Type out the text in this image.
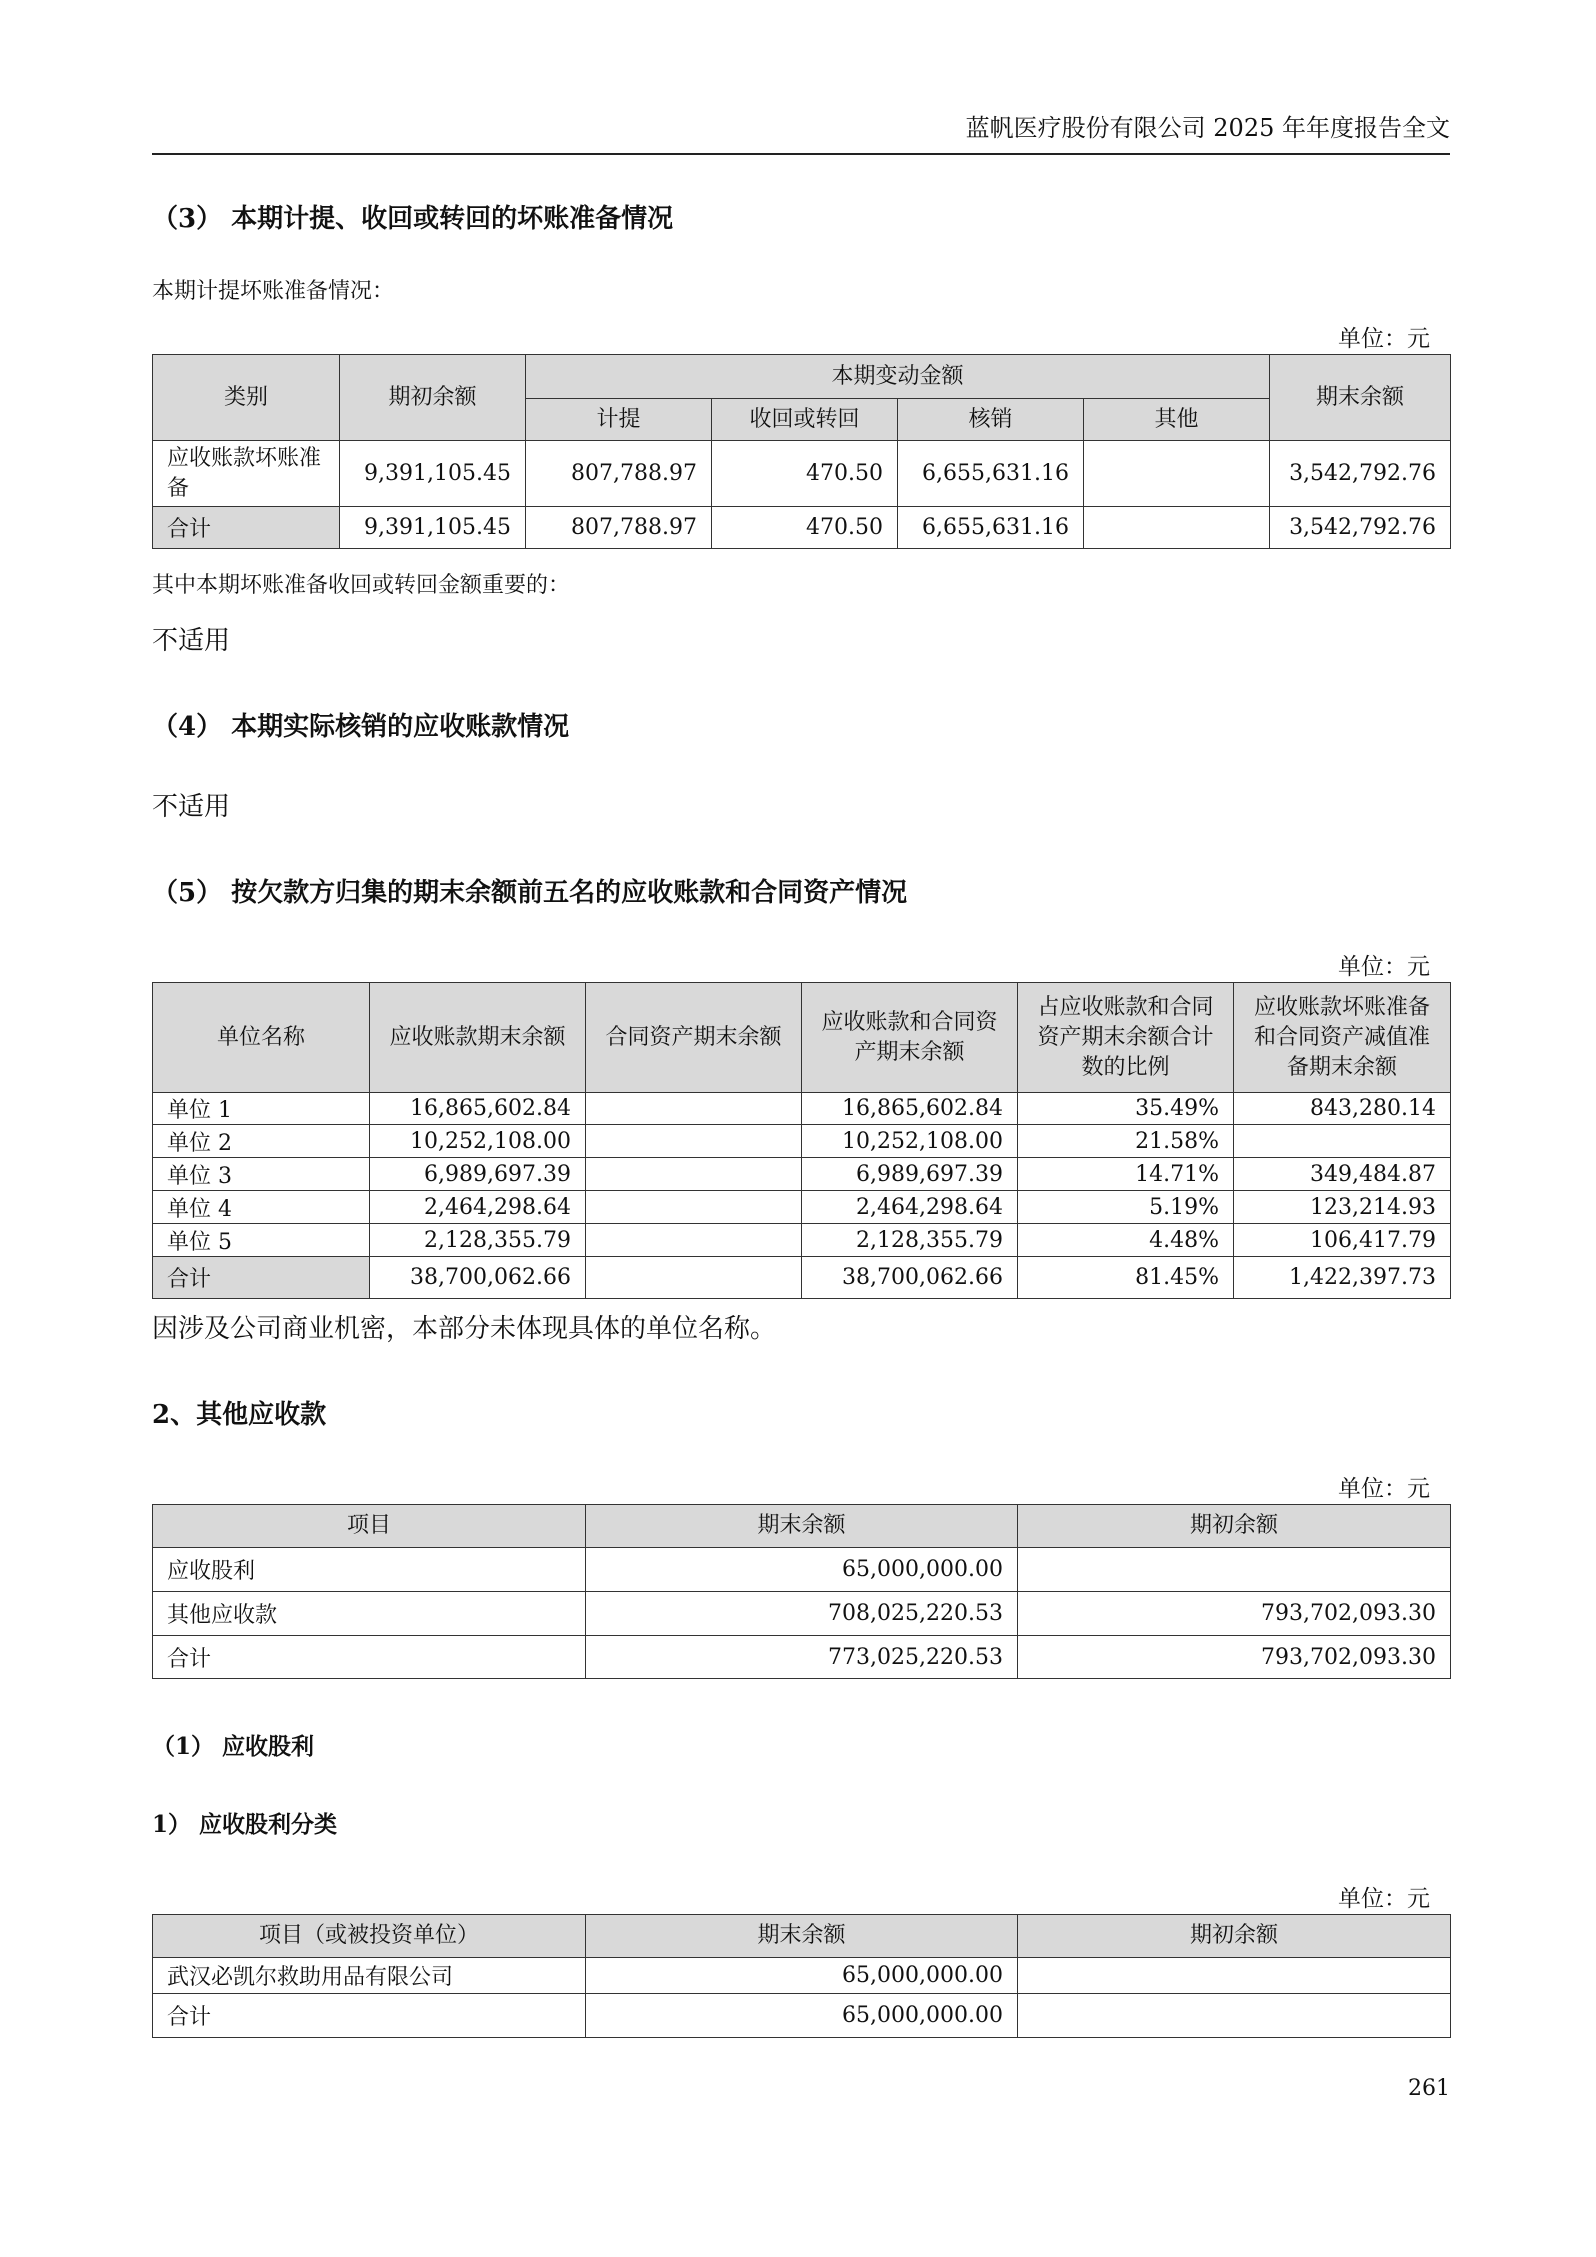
蓝帆医疗股份有限公司 2025 年年度报告全文
（3） 本期计提、收回或转回的坏账准备情况
本期计提坏账准备情况：
单位：元
类别	期初余额	本期变动金额				期末余额
		计提	收回或转回	核销	其他	
应收账款坏账准备	9,391,105.45	807,788.97	470.50	6,655,631.16		3,542,792.76
合计	9,391,105.45	807,788.97	470.50	6,655,631.16		3,542,792.76
其中本期坏账准备收回或转回金额重要的：
不适用
（4） 本期实际核销的应收账款情况
不适用
（5） 按欠款方归集的期末余额前五名的应收账款和合同资产情况
单位：元
单位名称	应收账款期末余额	合同资产期末余额	应收账款和合同资产期末余额	占应收账款和合同资产期末余额合计数的比例	应收账款坏账准备和合同资产减值准备期末余额
单位 1	16,865,602.84		16,865,602.84	35.49%	843,280.14
单位 2	10,252,108.00		10,252,108.00	21.58%	
单位 3	6,989,697.39		6,989,697.39	14.71%	349,484.87
单位 4	2,464,298.64		2,464,298.64	5.19%	123,214.93
单位 5	2,128,355.79		2,128,355.79	4.48%	106,417.79
合计	38,700,062.66		38,700,062.66	81.45%	1,422,397.73
因涉及公司商业机密，本部分未体现具体的单位名称。
2、其他应收款
单位：元
项目	期末余额	期初余额
应收股利	65,000,000.00	
其他应收款	708,025,220.53	793,702,093.30
合计	773,025,220.53	793,702,093.30
（1） 应收股利
1） 应收股利分类
单位：元
项目（或被投资单位）	期末余额	期初余额
武汉必凯尔救助用品有限公司	65,000,000.00	
合计	65,000,000.00	
261
